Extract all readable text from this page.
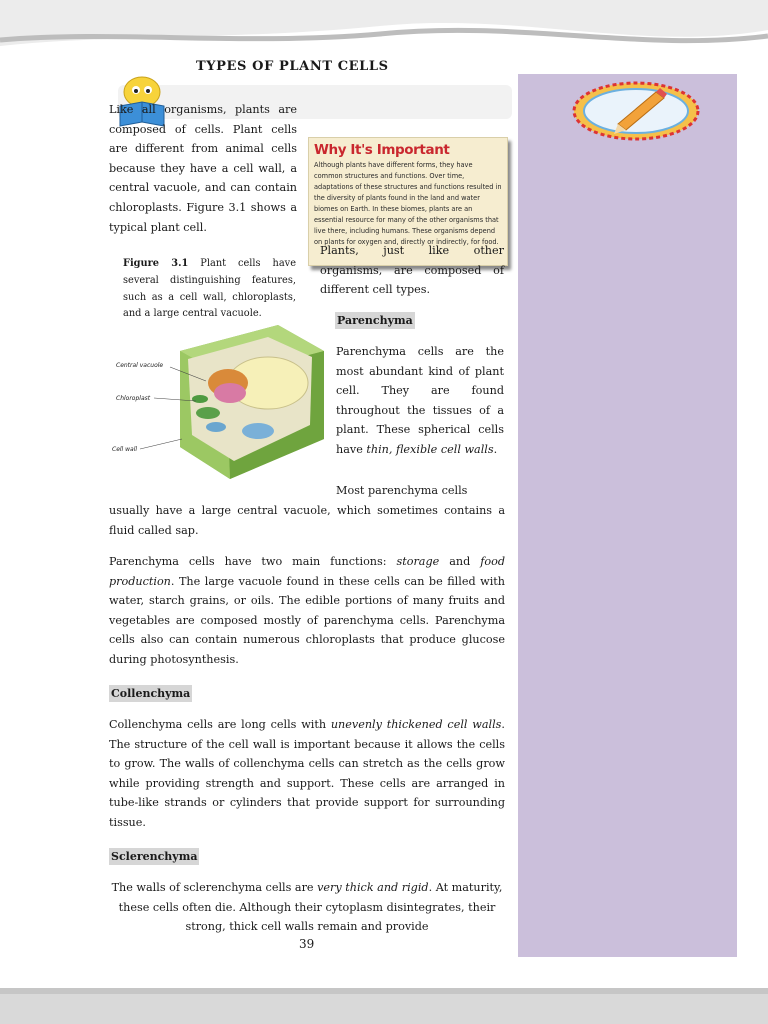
TYPES OF PLANT CELLS

Like all organisms, plants are composed of cells. Plant cells are different from animal cells because they have a cell wall, a central vacuole, and can contain chloroplasts. Figure 3.1 shows a typical plant cell.

Why It's Important

Although plants have different forms, they have common structures and functions. Over time, adaptations of these structures and functions resulted in the diversity of plants found in the land and water biomes on Earth. In these biomes, plants are an essential resource for many of the other organisms that live there, including humans. These organisms depend on plants for oxygen and, directly or indirectly, for food.

Plants, just like other organisms, are composed of different cell types.

Figure 3.1 Plant cells have several distinguishing features, such as a cell wall, chloroplasts, and a large central vacuole.

Central vacuole
Chloroplast
Cell wall

Parenchyma

Parenchyma cells are the most abundant kind of plant cell. They are found throughout the tissues of a plant. These spherical cells have thin, flexible cell walls.

Most parenchyma cells

usually have a large central vacuole, which sometimes contains a fluid called sap.

Parenchyma cells have two main functions: storage and food production. The large vacuole found in these cells can be filled with water, starch grains, or oils. The edible portions of many fruits and vegetables are composed mostly of parenchyma cells. Parenchyma cells also can contain numerous chloroplasts that produce glucose during photosynthesis.

Collenchyma

Collenchyma cells are long cells with unevenly thickened cell walls. The structure of the cell wall is important because it allows the cells to grow. The walls of collenchyma cells can stretch as the cells grow while providing strength and support. These cells are arranged in tube-like strands or cylinders that provide support for surrounding tissue.

Sclerenchyma

The walls of sclerenchyma cells are very thick and rigid. At maturity, these cells often die. Although their cytoplasm disintegrates, their strong, thick cell walls remain and provide

39
